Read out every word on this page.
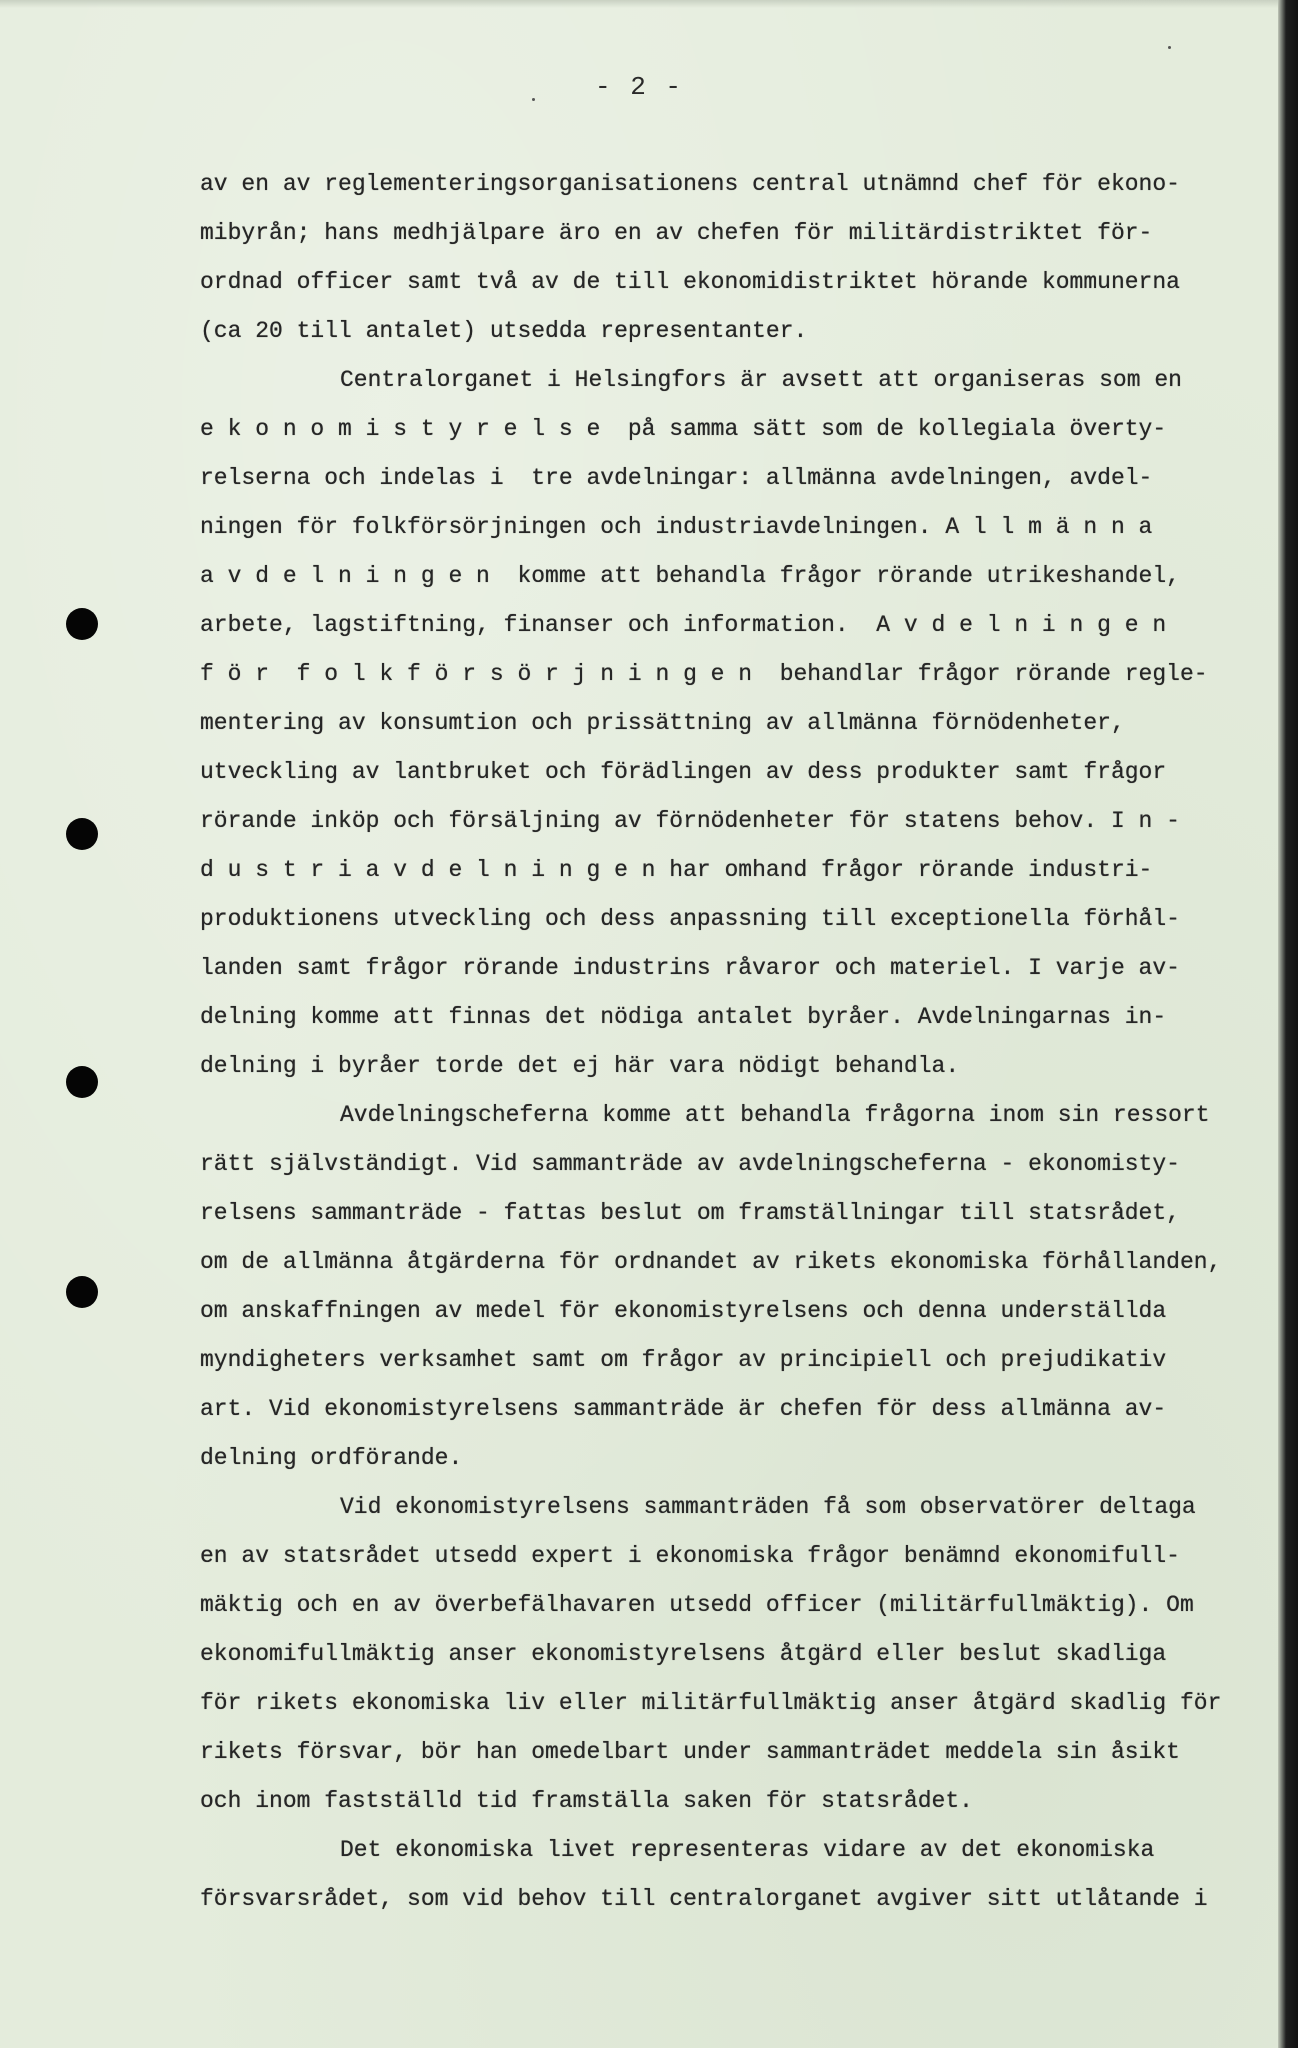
- 2 -
av en av reglementeringsorganisationens central utnämnd chef för ekono-
mibyrån; hans medhjälpare äro en av chefen för militärdistriktet för-
ordnad officer samt två av de till ekonomidistriktet hörande kommunerna
(ca 20 till antalet) utsedda representanter.
Centralorganet i Helsingfors är avsett att organiseras som en
e k o n o m i s t y r e l s e  på samma sätt som de kollegiala överty-
relserna och indelas i  tre avdelningar: allmänna avdelningen, avdel-
ningen för folkförsörjningen och industriavdelningen. A l l m ä n n a
a v d e l n i n g e n  komme att behandla frågor rörande utrikeshandel,
arbete, lagstiftning, finanser och information.  A v d e l n i n g e n
f ö r  f o l k f ö r s ö r j n i n g e n  behandlar frågor rörande regle-
mentering av konsumtion och prissättning av allmänna förnödenheter,
utveckling av lantbruket och förädlingen av dess produkter samt frågor
rörande inköp och försäljning av förnödenheter för statens behov. I n -
d u s t r i a v d e l n i n g e n har omhand frågor rörande industri-
produktionens utveckling och dess anpassning till exceptionella förhål-
landen samt frågor rörande industrins råvaror och materiel. I varje av-
delning komme att finnas det nödiga antalet byråer. Avdelningarnas in-
delning i byråer torde det ej här vara nödigt behandla.
Avdelningscheferna komme att behandla frågorna inom sin ressort
rätt självständigt. Vid sammanträde av avdelningscheferna - ekonomisty-
relsens sammanträde - fattas beslut om framställningar till statsrådet,
om de allmänna åtgärderna för ordnandet av rikets ekonomiska förhållanden,
om anskaffningen av medel för ekonomistyrelsens och denna underställda
myndigheters verksamhet samt om frågor av principiell och prejudikativ
art. Vid ekonomistyrelsens sammanträde är chefen för dess allmänna av-
delning ordförande.
Vid ekonomistyrelsens sammanträden få som observatörer deltaga
en av statsrådet utsedd expert i ekonomiska frågor benämnd ekonomifull-
mäktig och en av överbefälhavaren utsedd officer (militärfullmäktig). Om
ekonomifullmäktig anser ekonomistyrelsens åtgärd eller beslut skadliga
för rikets ekonomiska liv eller militärfullmäktig anser åtgärd skadlig för
rikets försvar, bör han omedelbart under sammanträdet meddela sin åsikt
och inom fastställd tid framställa saken för statsrådet.
Det ekonomiska livet representeras vidare av det ekonomiska
försvarsrådet, som vid behov till centralorganet avgiver sitt utlåtande i
